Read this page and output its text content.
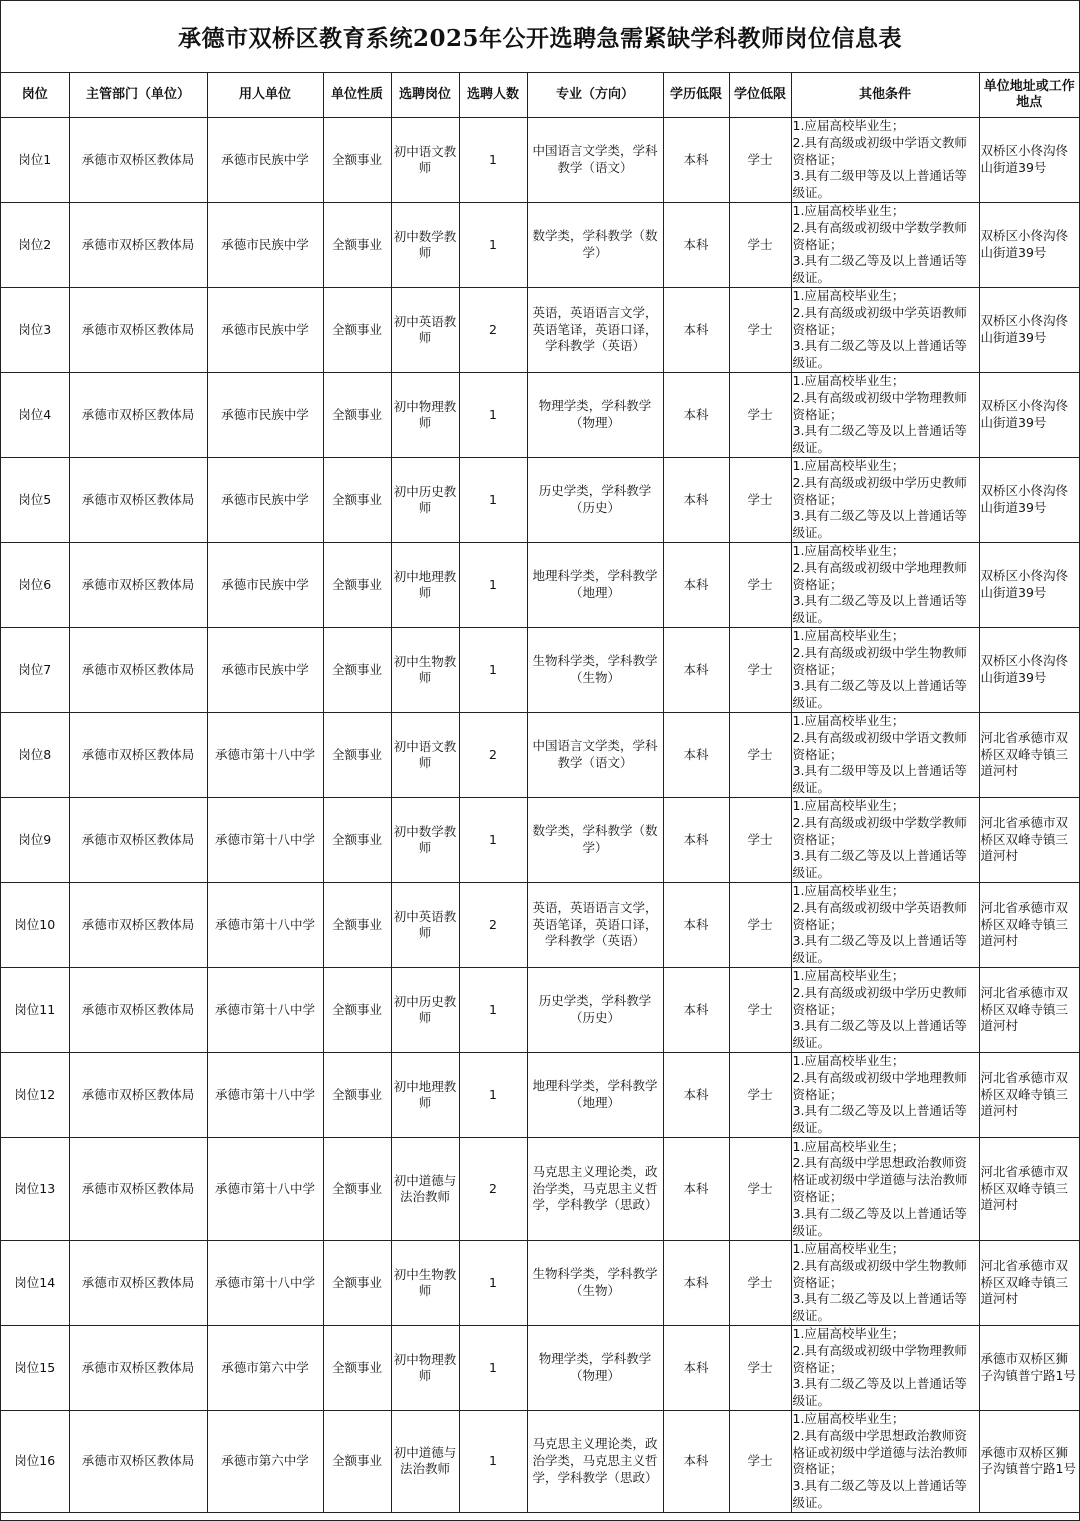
承德市双桥区教育系统2025年公开选聘急需紧缺学科教师岗位信息表
岗位	主管部门（单位）	用人单位	单位性质	选聘岗位	选聘人数	专业（方向）	学历低限	学位低限	其他条件	单位地址或工作地点
岗位1	承德市双桥区教体局	承德市民族中学	全额事业	初中语文教师	1	中国语言文学类，学科教学（语文）	本科	学士	1.应届高校毕业生；
2.具有高级或初级中学语文教师资格证；
3.具有二级甲等及以上普通话等级证。	双桥区小佟沟佟山街道39号
岗位2	承德市双桥区教体局	承德市民族中学	全额事业	初中数学教师	1	数学类，学科教学（数学）	本科	学士	1.应届高校毕业生；
2.具有高级或初级中学数学教师资格证；
3.具有二级乙等及以上普通话等级证。	双桥区小佟沟佟山街道39号
岗位3	承德市双桥区教体局	承德市民族中学	全额事业	初中英语教师	2	英语，英语语言文学，英语笔译，英语口译，学科教学（英语）	本科	学士	1.应届高校毕业生；
2.具有高级或初级中学英语教师资格证；
3.具有二级乙等及以上普通话等级证。	双桥区小佟沟佟山街道39号
岗位4	承德市双桥区教体局	承德市民族中学	全额事业	初中物理教师	1	物理学类，学科教学（物理）	本科	学士	1.应届高校毕业生；
2.具有高级或初级中学物理教师资格证；
3.具有二级乙等及以上普通话等级证。	双桥区小佟沟佟山街道39号
岗位5	承德市双桥区教体局	承德市民族中学	全额事业	初中历史教师	1	历史学类，学科教学（历史）	本科	学士	1.应届高校毕业生；
2.具有高级或初级中学历史教师资格证；
3.具有二级乙等及以上普通话等级证。	双桥区小佟沟佟山街道39号
岗位6	承德市双桥区教体局	承德市民族中学	全额事业	初中地理教师	1	地理科学类，学科教学（地理）	本科	学士	1.应届高校毕业生；
2.具有高级或初级中学地理教师资格证；
3.具有二级乙等及以上普通话等级证。	双桥区小佟沟佟山街道39号
岗位7	承德市双桥区教体局	承德市民族中学	全额事业	初中生物教师	1	生物科学类，学科教学（生物）	本科	学士	1.应届高校毕业生；
2.具有高级或初级中学生物教师资格证；
3.具有二级乙等及以上普通话等级证。	双桥区小佟沟佟山街道39号
岗位8	承德市双桥区教体局	承德市第十八中学	全额事业	初中语文教师	2	中国语言文学类，学科教学（语文）	本科	学士	1.应届高校毕业生；
2.具有高级或初级中学语文教师资格证；
3.具有二级甲等及以上普通话等级证。	河北省承德市双桥区双峰寺镇三道河村
岗位9	承德市双桥区教体局	承德市第十八中学	全额事业	初中数学教师	1	数学类，学科教学（数学）	本科	学士	1.应届高校毕业生；
2.具有高级或初级中学数学教师资格证；
3.具有二级乙等及以上普通话等级证。	河北省承德市双桥区双峰寺镇三道河村
岗位10	承德市双桥区教体局	承德市第十八中学	全额事业	初中英语教师	2	英语，英语语言文学，英语笔译，英语口译，学科教学（英语）	本科	学士	1.应届高校毕业生；
2.具有高级或初级中学英语教师资格证；
3.具有二级乙等及以上普通话等级证。	河北省承德市双桥区双峰寺镇三道河村
岗位11	承德市双桥区教体局	承德市第十八中学	全额事业	初中历史教师	1	历史学类，学科教学（历史）	本科	学士	1.应届高校毕业生；
2.具有高级或初级中学历史教师资格证；
3.具有二级乙等及以上普通话等级证。	河北省承德市双桥区双峰寺镇三道河村
岗位12	承德市双桥区教体局	承德市第十八中学	全额事业	初中地理教师	1	地理科学类，学科教学（地理）	本科	学士	1.应届高校毕业生；
2.具有高级或初级中学地理教师资格证；
3.具有二级乙等及以上普通话等级证。	河北省承德市双桥区双峰寺镇三道河村
岗位13	承德市双桥区教体局	承德市第十八中学	全额事业	初中道德与法治教师	2	马克思主义理论类，政治学类，马克思主义哲学，学科教学（思政）	本科	学士	1.应届高校毕业生；
2.具有高级中学思想政治教师资格证或初级中学道德与法治教师资格证；
3.具有二级乙等及以上普通话等级证。	河北省承德市双桥区双峰寺镇三道河村
岗位14	承德市双桥区教体局	承德市第十八中学	全额事业	初中生物教师	1	生物科学类，学科教学（生物）	本科	学士	1.应届高校毕业生；
2.具有高级或初级中学生物教师资格证；
3.具有二级乙等及以上普通话等级证。	河北省承德市双桥区双峰寺镇三道河村
岗位15	承德市双桥区教体局	承德市第六中学	全额事业	初中物理教师	1	物理学类，学科教学（物理）	本科	学士	1.应届高校毕业生；
2.具有高级或初级中学物理教师资格证；
3.具有二级乙等及以上普通话等级证。	承德市双桥区狮子沟镇普宁路1号
岗位16	承德市双桥区教体局	承德市第六中学	全额事业	初中道德与法治教师	1	马克思主义理论类，政治学类，马克思主义哲学，学科教学（思政）	本科	学士	1.应届高校毕业生；
2.具有高级中学思想政治教师资格证或初级中学道德与法治教师资格证；
3.具有二级乙等及以上普通话等级证。	承德市双桥区狮子沟镇普宁路1号
